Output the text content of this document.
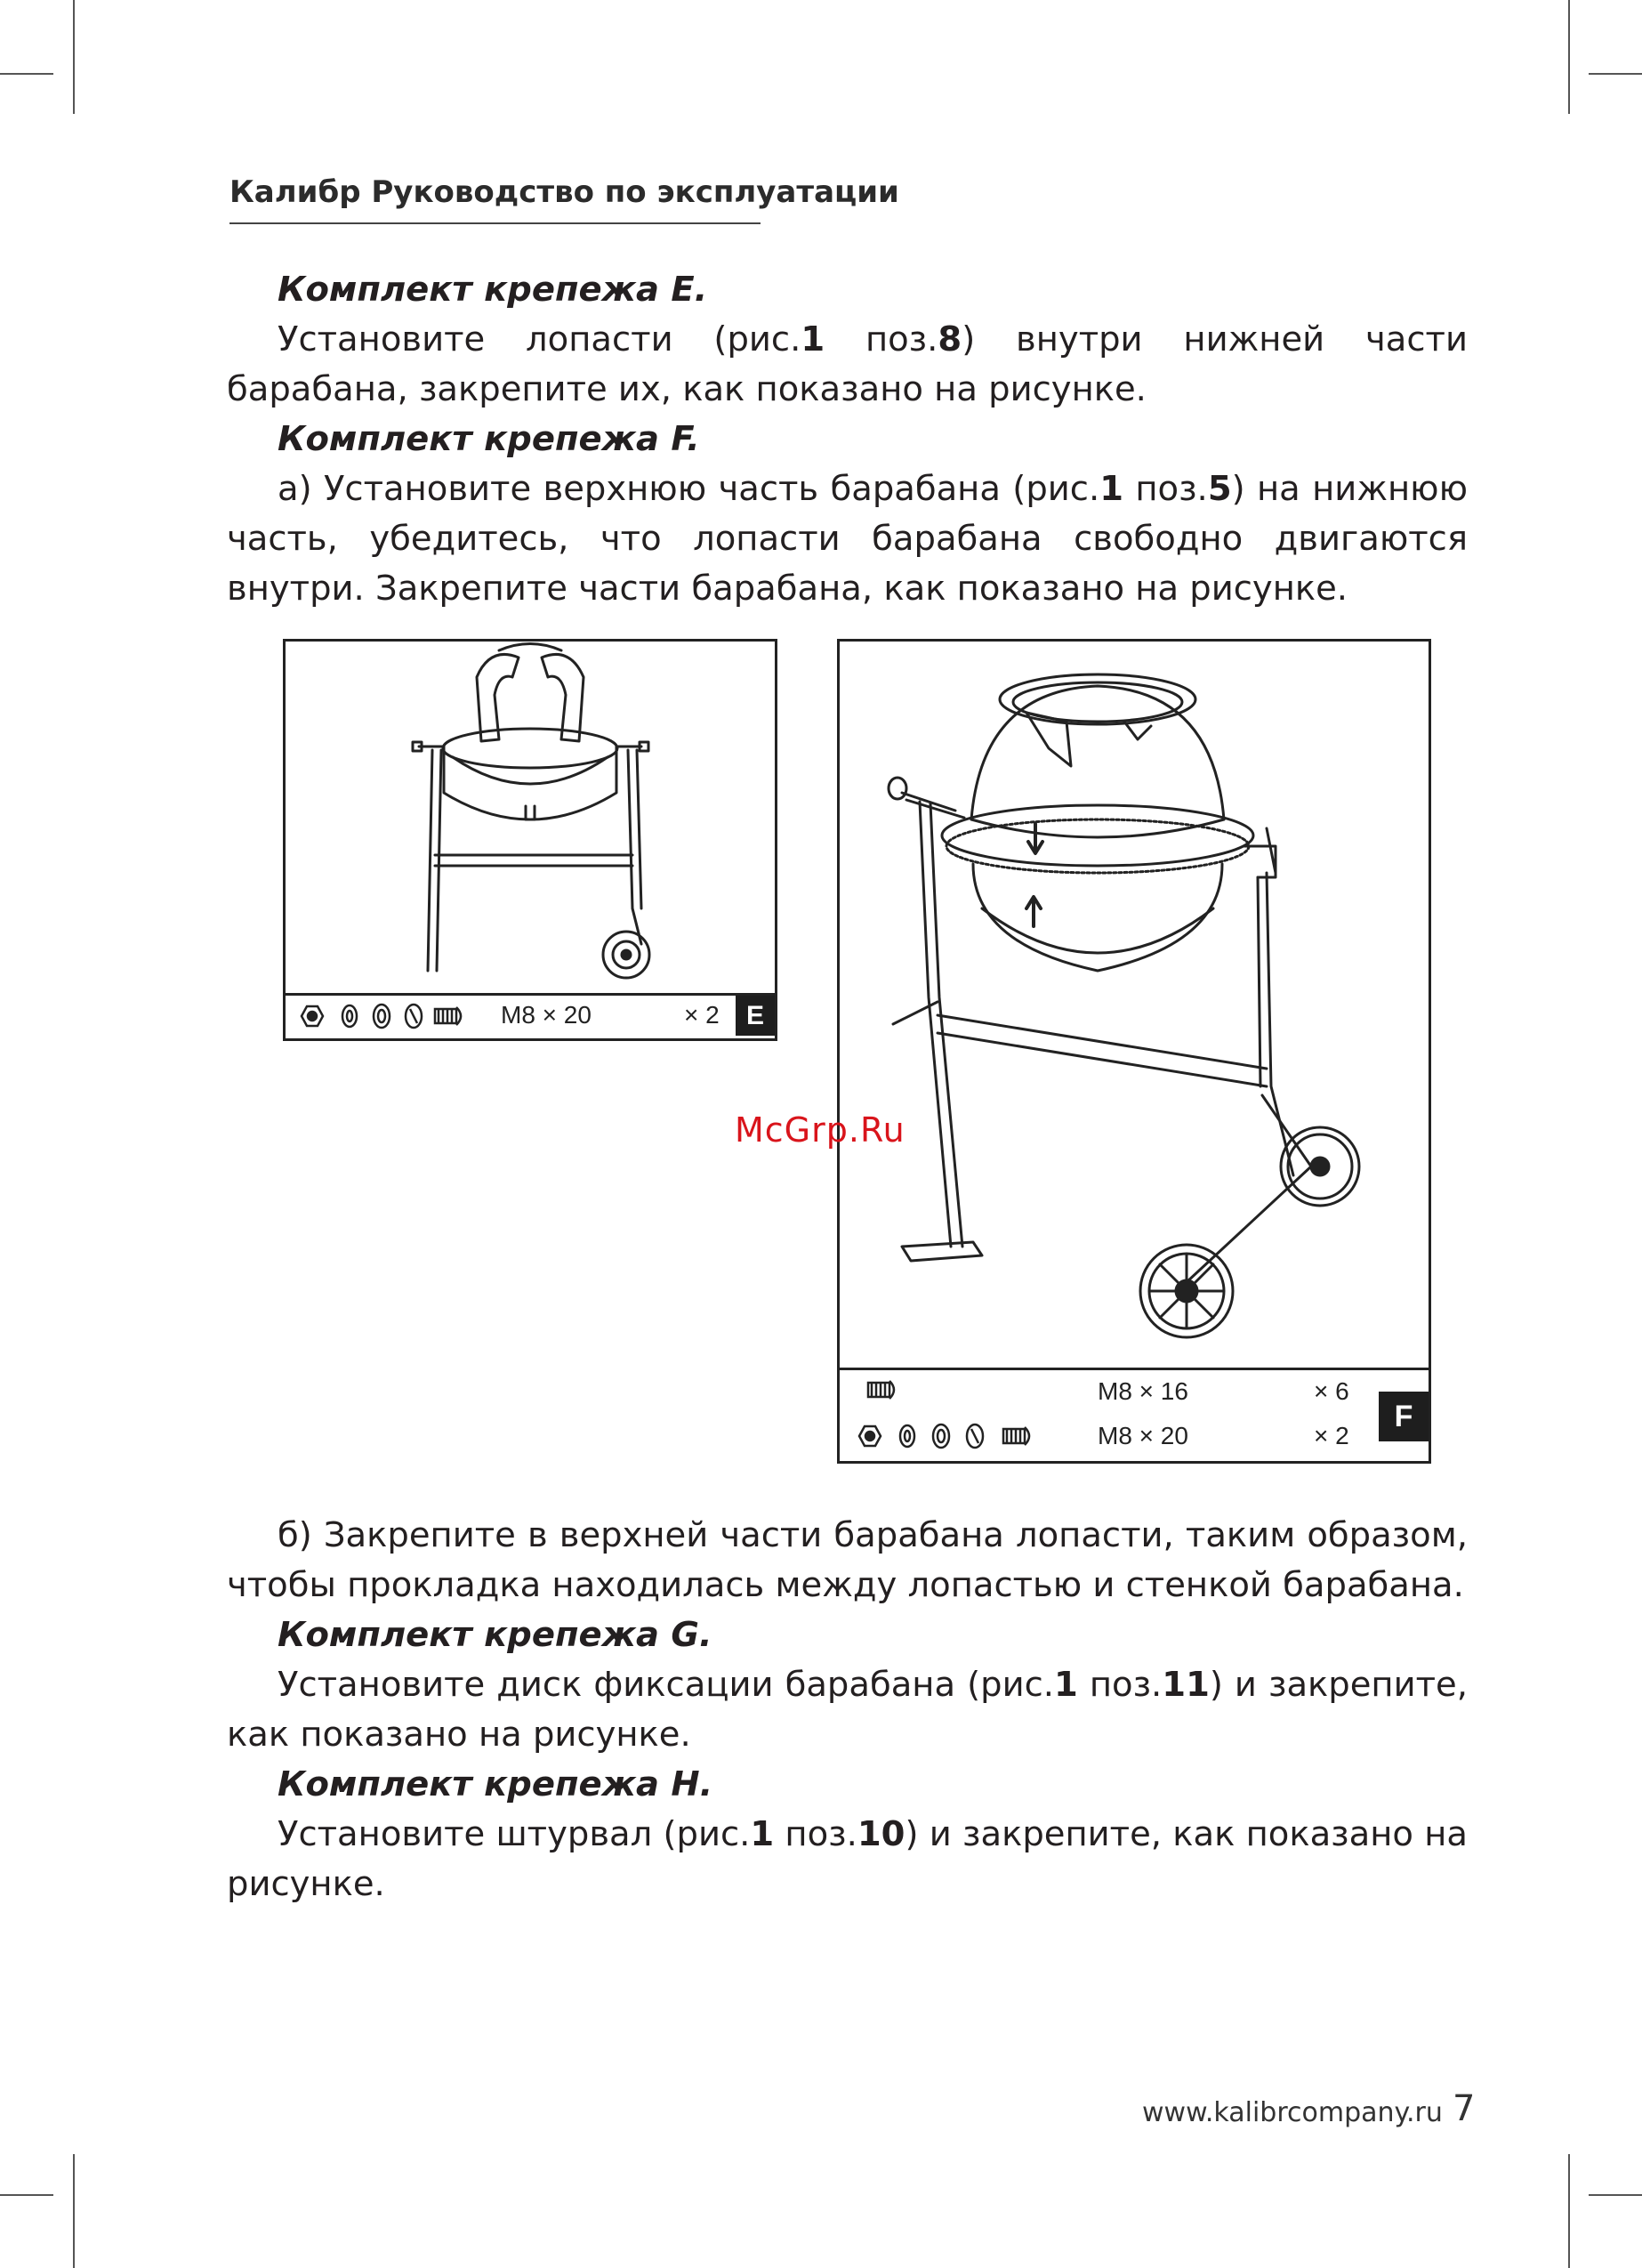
Калибр Руководство по эксплуатации

Комплект крепежа Е.

Установите лопасти (рис.1 поз.8) внутри нижней части барабана, закрепите их, как показано на рисунке.

Комплект крепежа F.

а) Установите верхнюю часть барабана (рис.1 поз.5) на нижнюю часть, убедитесь, что лопасти барабана свободно двигаются внутри. Закрепите части барабана, как показано на рисунке.

M8 × 20	× 2	E
M8 × 16	× 6
M8 × 20	× 2
F
McGrp.Ru

б) Закрепите в верхней части барабана лопасти, таким образом, чтобы прокладка находилась между лопастью и стенкой барабана.

Комплект крепежа G.

Установите диск фиксации барабана (рис.1 поз.11) и закрепите, как показано на рисунке.

Комплект крепежа H.

Установите штурвал (рис.1 поз.10) и закрепите, как показано на рисунке.

www.kalibrcompany.ru 7
